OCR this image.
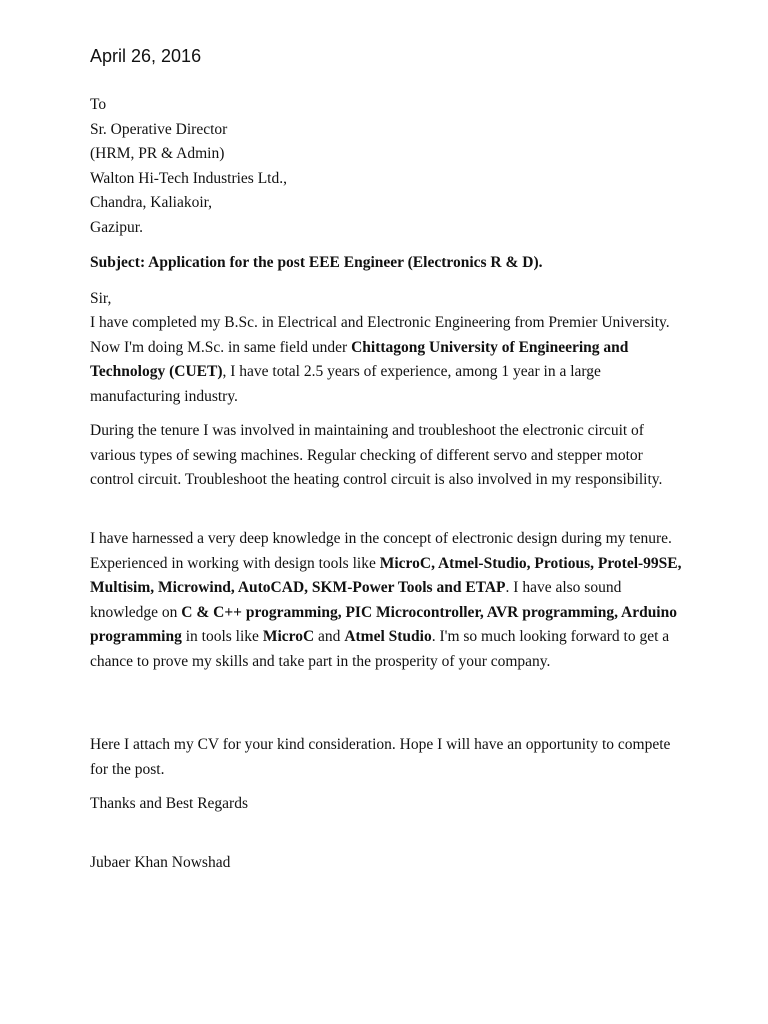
April 26, 2016
To
Sr. Operative Director
(HRM, PR & Admin)
Walton Hi-Tech Industries Ltd.,
Chandra, Kaliakoir,
Gazipur.
Subject: Application for the post EEE Engineer (Electronics R & D).
Sir,
I have completed my B.Sc. in Electrical and Electronic Engineering from Premier University. Now I'm doing M.Sc. in same field under Chittagong University of Engineering and Technology (CUET), I have total 2.5 years of experience, among 1 year in a large manufacturing industry.
During the tenure I was involved in maintaining and troubleshoot the electronic circuit of various types of sewing machines. Regular checking of different servo and stepper motor control circuit. Troubleshoot the heating control circuit is also involved in my responsibility.
I have harnessed a very deep knowledge in the concept of electronic design during my tenure. Experienced in working with design tools like MicroC, Atmel-Studio, Protious, Protel-99SE, Multisim, Microwind, AutoCAD, SKM-Power Tools and ETAP. I have also sound knowledge on C & C++ programming, PIC Microcontroller, AVR programming, Arduino programming in tools like MicroC and Atmel Studio. I'm so much looking forward to get a chance to prove my skills and take part in the prosperity of your company.
Here I attach my CV for your kind consideration. Hope I will have an opportunity to compete for the post.
Thanks and Best Regards
Jubaer Khan Nowshad
